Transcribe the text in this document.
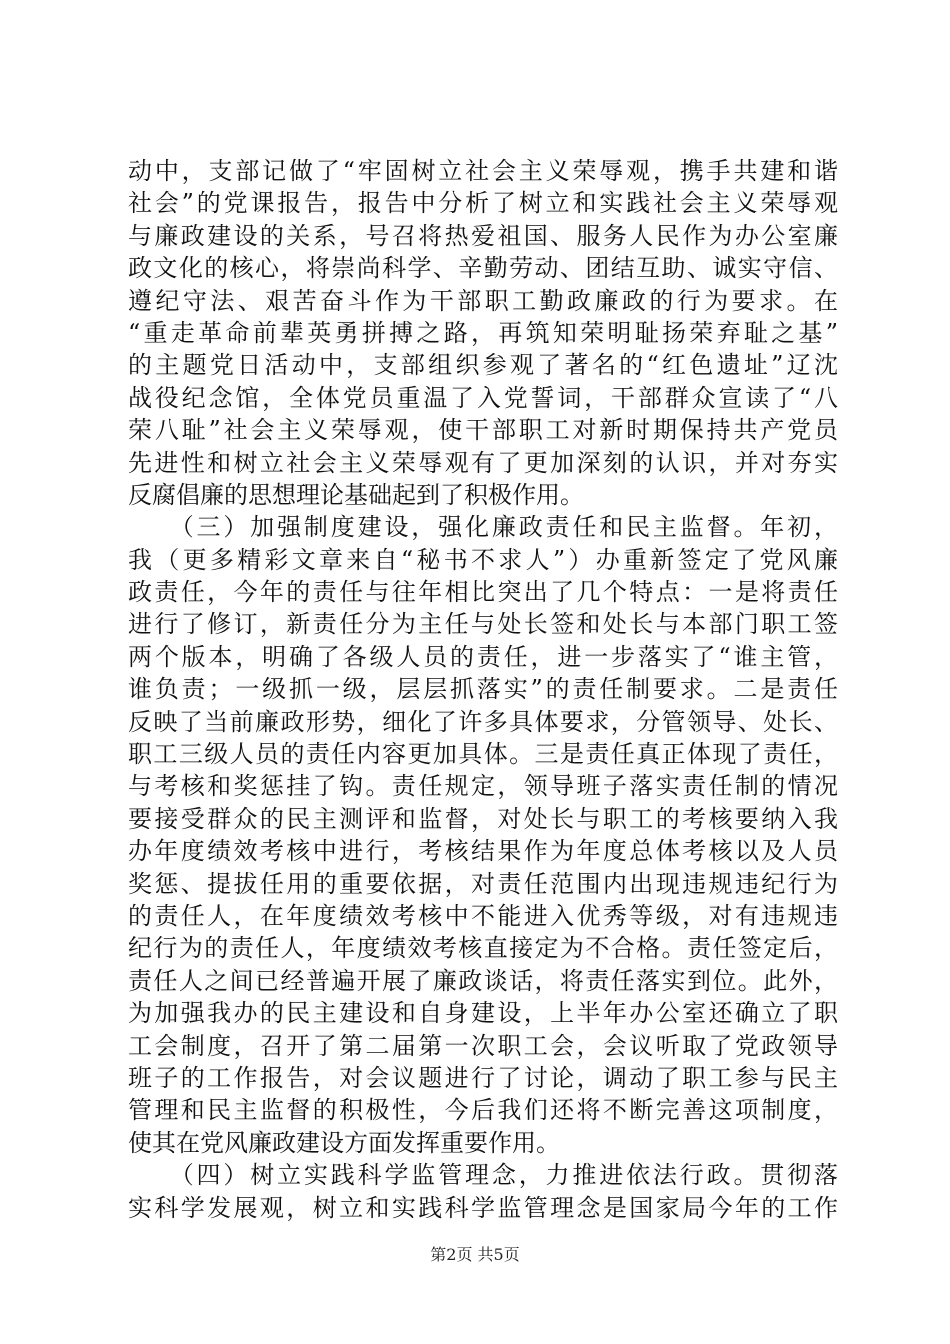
动中，支部记做了“牢固树立社会主义荣辱观，携手共建和谐
社会”的党课报告，报告中分析了树立和实践社会主义荣辱观
与廉政建设的关系，号召将热爱祖国、服务人民作为办公室廉
政文化的核心，将崇尚科学、辛勤劳动、团结互助、诚实守信、
遵纪守法、艰苦奋斗作为干部职工勤政廉政的行为要求。在
“重走革命前辈英勇拼搏之路，再筑知荣明耻扬荣弃耻之基”
的主题党日活动中，支部组织参观了著名的“红色遗址”辽沈
战役纪念馆，全体党员重温了入党誓词，干部群众宣读了“八
荣八耻”社会主义荣辱观，使干部职工对新时期保持共产党员
先进性和树立社会主义荣辱观有了更加深刻的认识，并对夯实
反腐倡廉的思想理论基础起到了积极作用。
　　（三）加强制度建设，强化廉政责任和民主监督。年初，
我（更多精彩文章来自“秘书不求人”）办重新签定了党风廉
政责任，今年的责任与往年相比突出了几个特点：一是将责任
进行了修订，新责任分为主任与处长签和处长与本部门职工签
两个版本，明确了各级人员的责任，进一步落实了“谁主管，
谁负责；一级抓一级，层层抓落实”的责任制要求。二是责任
反映了当前廉政形势，细化了许多具体要求，分管领导、处长、
职工三级人员的责任内容更加具体。三是责任真正体现了责任，
与考核和奖惩挂了钩。责任规定，领导班子落实责任制的情况
要接受群众的民主测评和监督，对处长与职工的考核要纳入我
办年度绩效考核中进行，考核结果作为年度总体考核以及人员
奖惩、提拔任用的重要依据，对责任范围内出现违规违纪行为
的责任人，在年度绩效考核中不能进入优秀等级，对有违规违
纪行为的责任人，年度绩效考核直接定为不合格。责任签定后，
责任人之间已经普遍开展了廉政谈话，将责任落实到位。此外，
为加强我办的民主建设和自身建设，上半年办公室还确立了职
工会制度，召开了第二届第一次职工会，会议听取了党政领导
班子的工作报告，对会议题进行了讨论，调动了职工参与民主
管理和民主监督的积极性，今后我们还将不断完善这项制度，
使其在党风廉政建设方面发挥重要作用。
　　（四）树立实践科学监管理念，力推进依法行政。贯彻落
实科学发展观，树立和实践科学监管理念是国家局今年的工作
第2页 共5页
